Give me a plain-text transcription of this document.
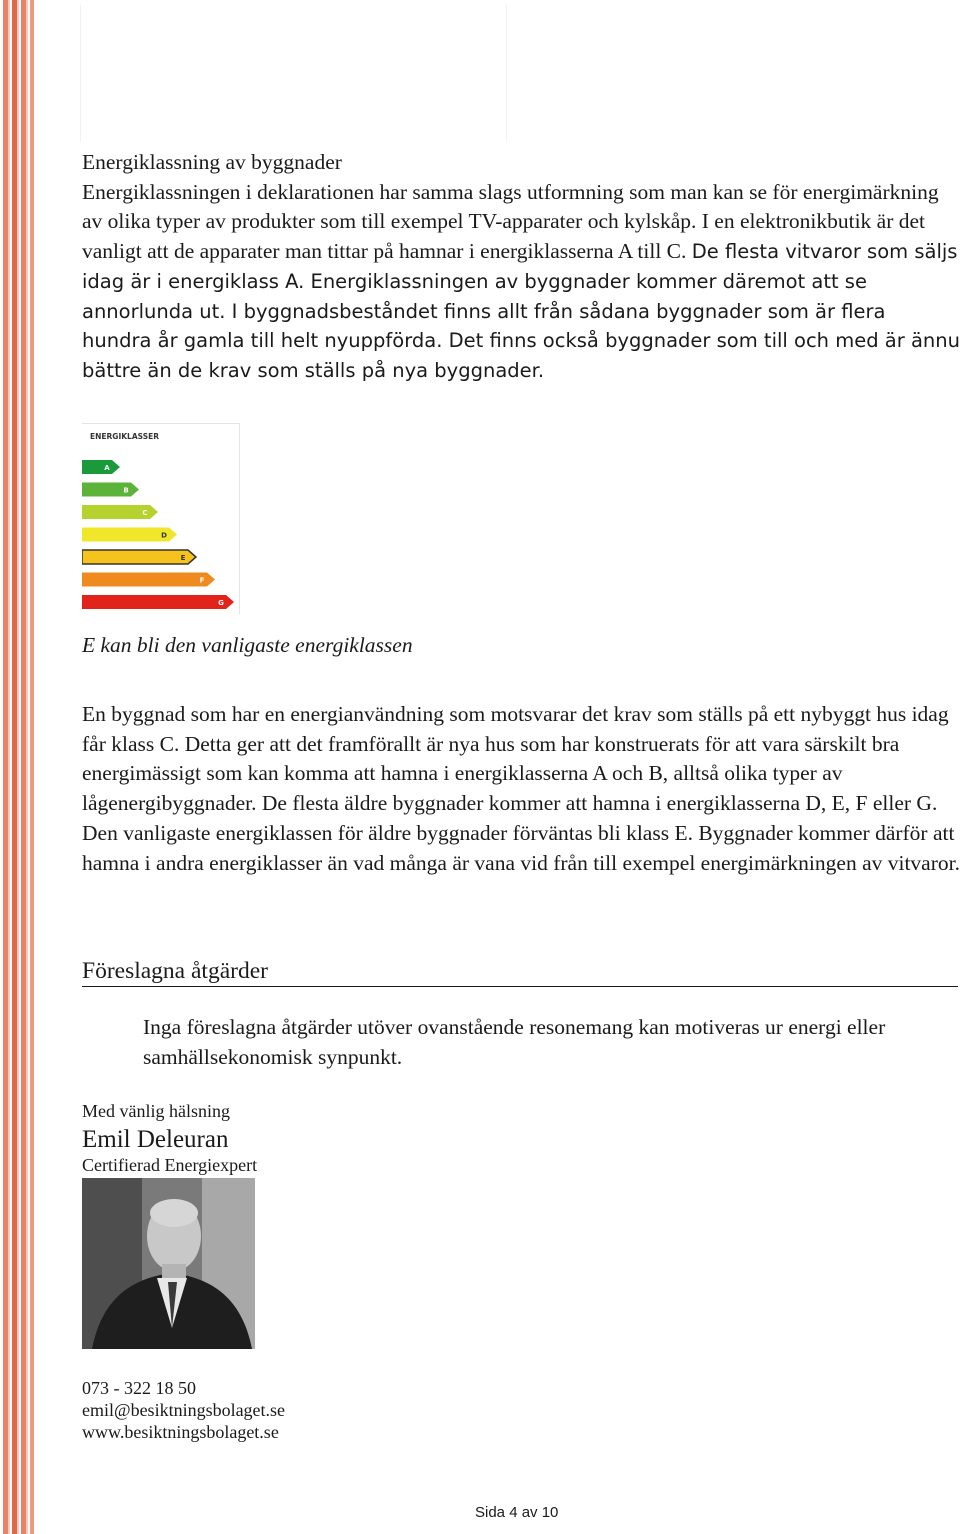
Energiklassning av byggnader
Energiklassningen i deklarationen har samma slags utformning som man kan se för energimärkning av olika typer av produkter som till exempel TV-apparater och kylskåp. I en elektronikbutik är det vanligt att de apparater man tittar på hamnar i energiklasserna A till C. De flesta vitvaror som säljs idag är i energiklass A. Energiklassningen av byggnader kommer däremot att se annorlunda ut. I byggnadsbeståndet finns allt från sådana byggnader som är flera hundra år gamla till helt nyuppförda. Det finns också byggnader som till och med är ännu bättre än de krav som ställs på nya byggnader.
ENERGIKLASSER
A
B
C
D
E
F
G

E kan bli den vanligaste energiklassen

En byggnad som har en energianvändning som motsvarar det krav som ställs på ett nybyggt hus idag får klass C. Detta ger att det framförallt är nya hus som har konstruerats för att vara särskilt bra energimässigt som kan komma att hamna i energiklasserna A och B, alltså olika typer av lågenergibyggnader. De flesta äldre byggnader kommer att hamna i energiklasserna D, E, F eller G. Den vanligaste energiklassen för äldre byggnader förväntas bli klass E. Byggnader kommer därför att hamna i andra energiklasser än vad många är vana vid från till exempel energimärkningen av vitvaror.

Föreslagna åtgärder

Inga föreslagna åtgärder utöver ovanstående resonemang kan motiveras ur energi eller samhällsekonomisk synpunkt.

Med vänlig hälsning

Emil Deleuran

Certifierad Energiexpert

073 - 322 18 50

emil@besiktningsbolaget.se

www.besiktningsbolaget.se

Sida 4 av 10
